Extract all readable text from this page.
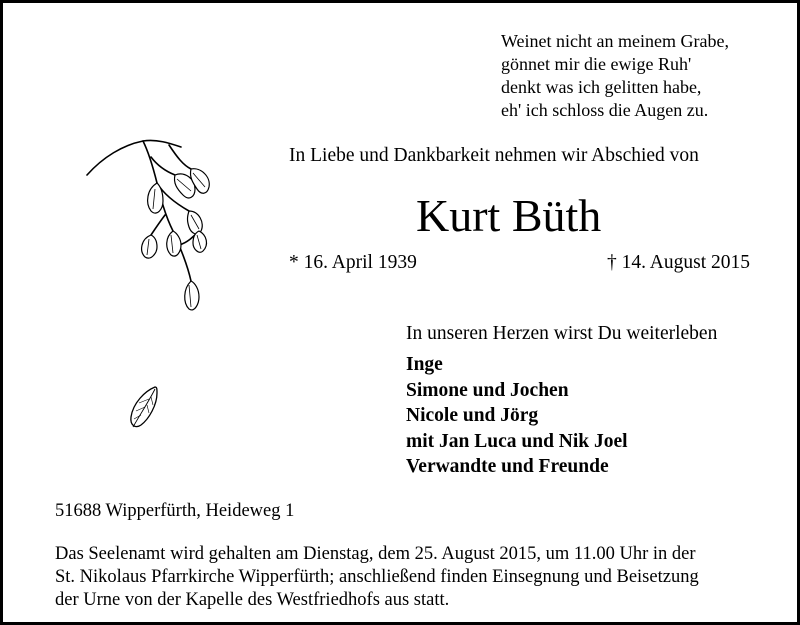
Weinet nicht an meinem Grabe,
gönnet mir die ewige Ruh'
denkt was ich gelitten habe,
eh' ich schloss die Augen zu.
In Liebe und Dankbarkeit nehmen wir Abschied von
Kurt Büth
* 16. April 1939	† 14. August 2015
In unseren Herzen wirst Du weiterleben
Inge
Simone und Jochen
Nicole und Jörg
mit Jan Luca und Nik Joel
Verwandte und Freunde
51688 Wipperfürth, Heideweg 1
Das Seelenamt wird gehalten am Dienstag, dem 25. August 2015, um 11.00 Uhr in der
St. Nikolaus Pfarrkirche Wipperfürth; anschließend finden Einsegnung und Beisetzung
der Urne von der Kapelle des Westfriedhofs aus statt.
